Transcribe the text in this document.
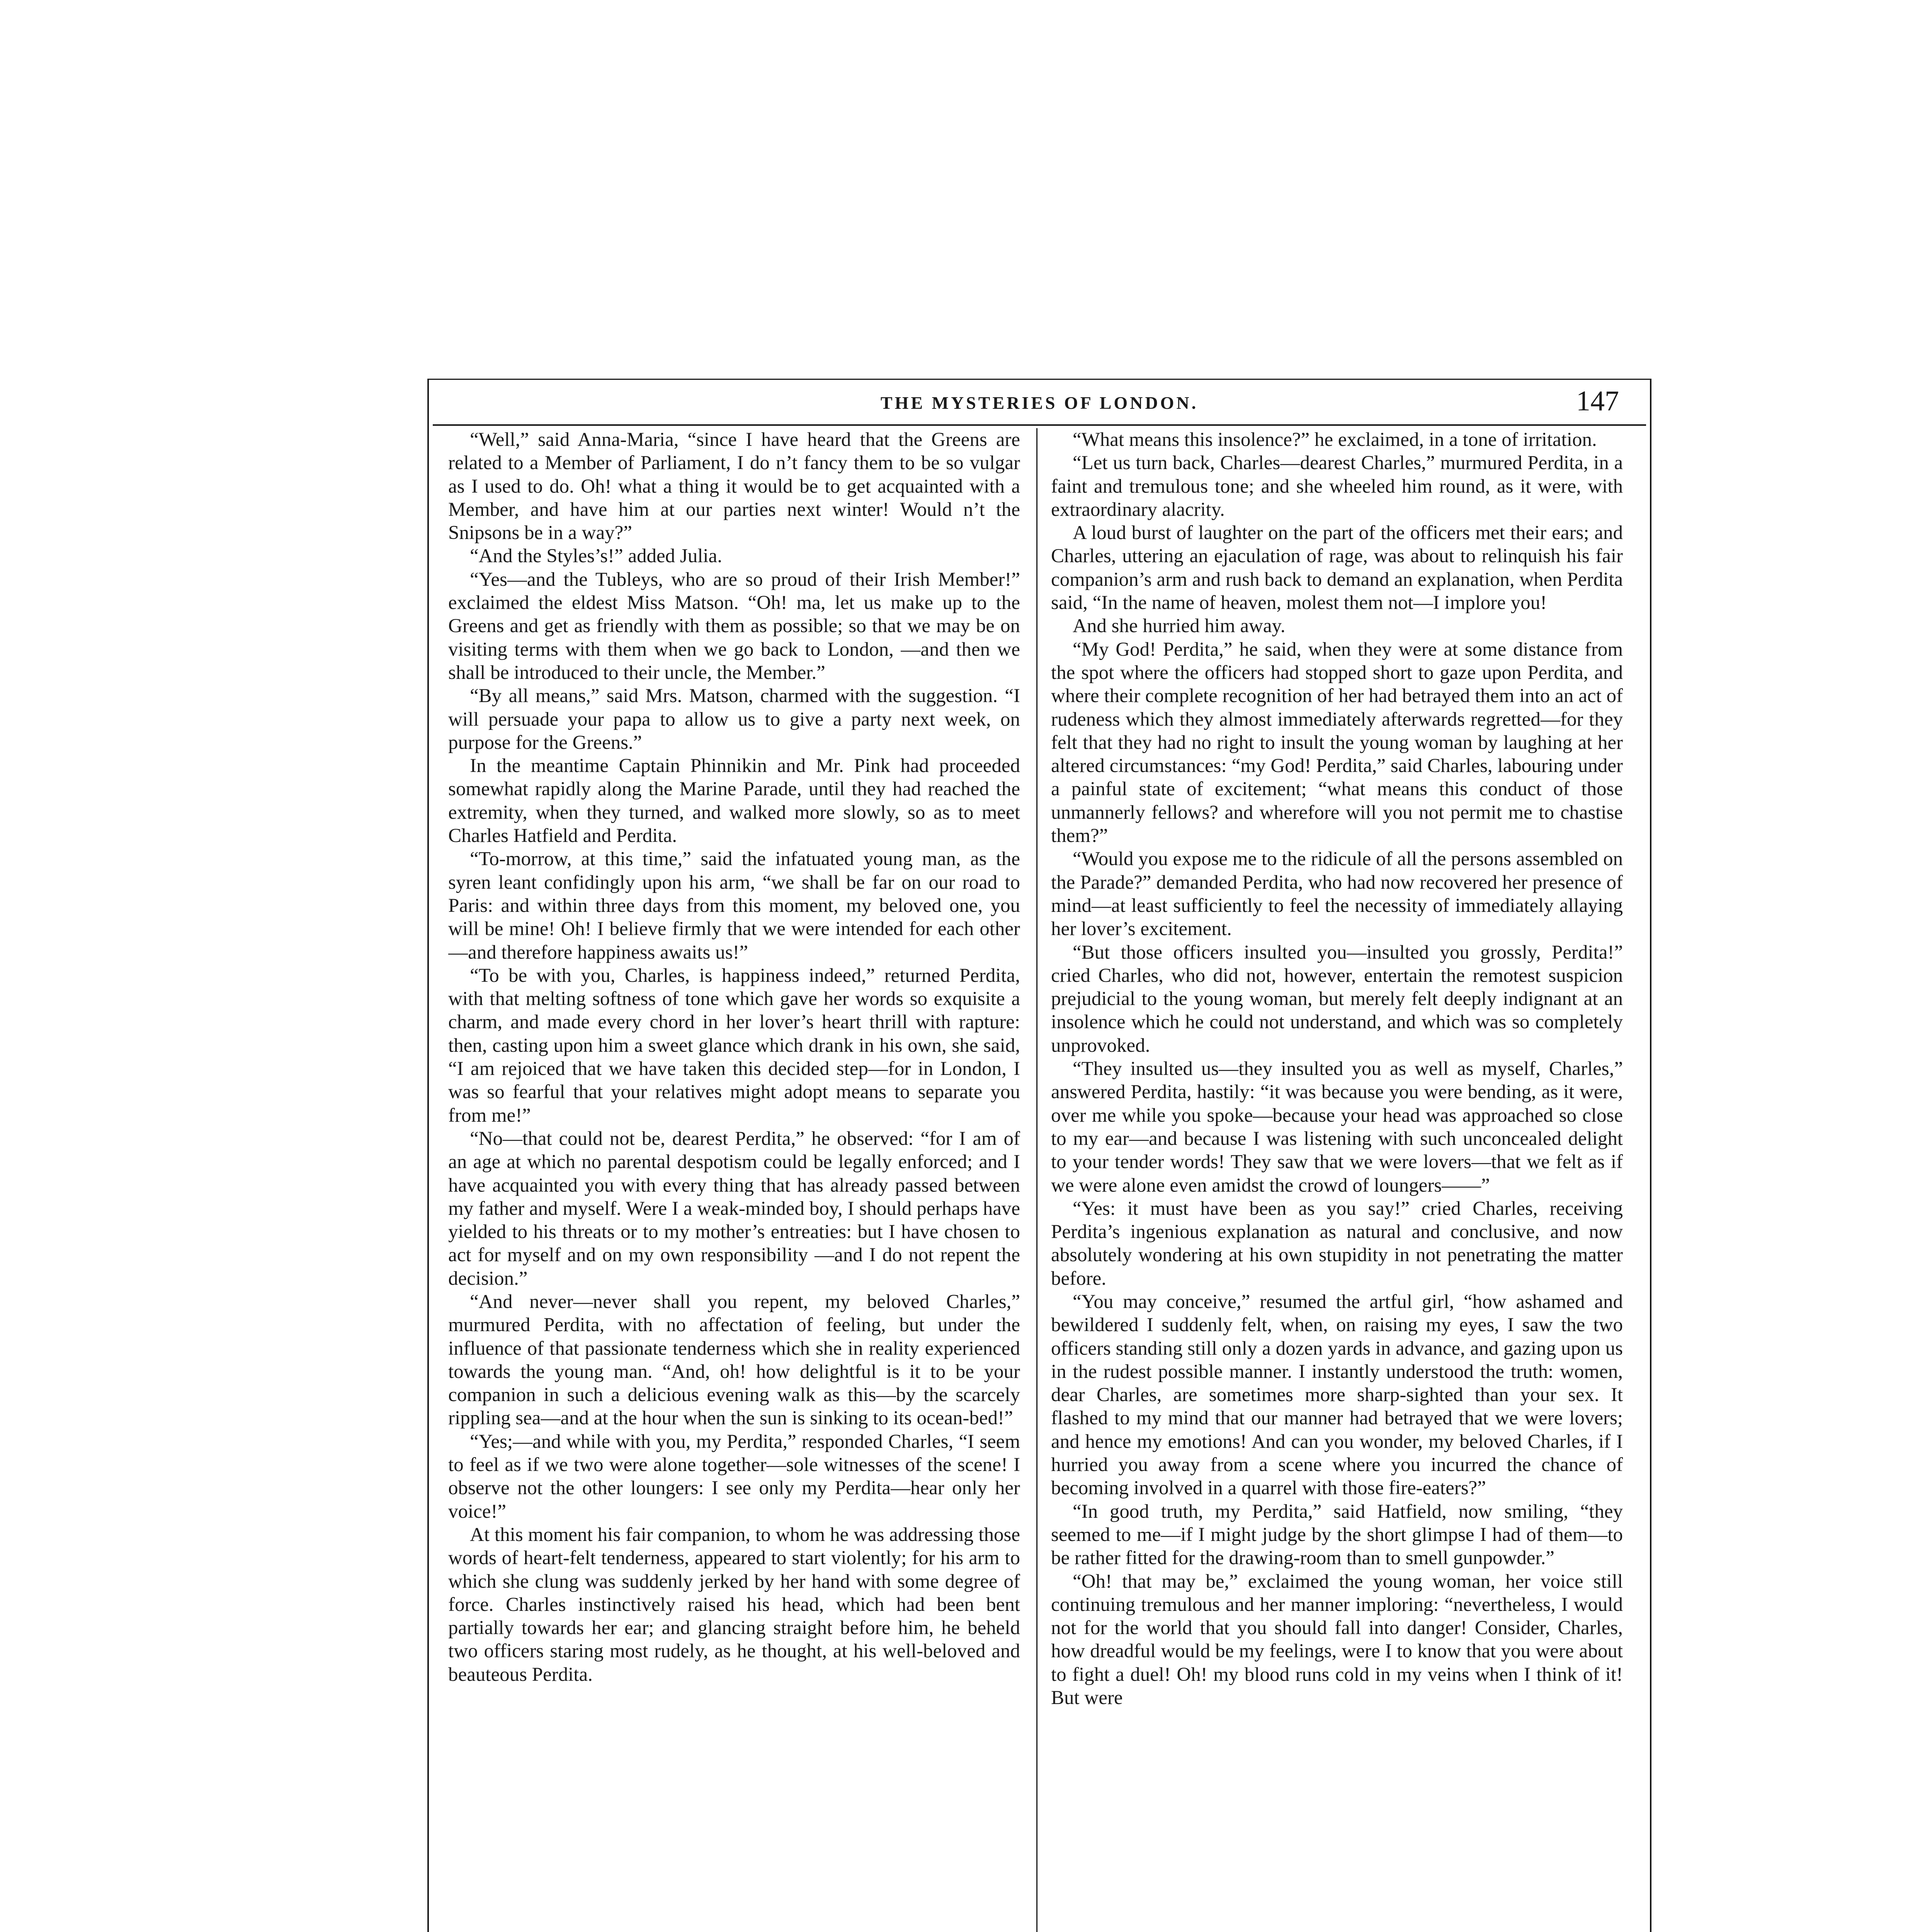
THE MYSTERIES OF LONDON.	147

“Well,” said Anna-Maria, “since I have heard that the Greens are related to a Member of Parliament, I do n’t fancy them to be so vulgar as I used to do. Oh! what a thing it would be to get acquainted with a Member, and have him at our parties next winter! Would n’t the Snipsons be in a way?”

“And the Styles’s!” added Julia.

“Yes—and the Tubleys, who are so proud of their Irish Member!” exclaimed the eldest Miss Matson. “Oh! ma, let us make up to the Greens and get as friendly with them as possible; so that we may be on visiting terms with them when we go back to London, —and then we shall be introduced to their uncle, the Member.”

“By all means,” said Mrs. Matson, charmed with the suggestion. “I will persuade your papa to allow us to give a party next week, on purpose for the Greens.”

In the meantime Captain Phinnikin and Mr. Pink had proceeded somewhat rapidly along the Marine Parade, until they had reached the extremity, when they turned, and walked more slowly, so as to meet Charles Hatfield and Perdita.

“To-morrow, at this time,” said the infatuated young man, as the syren leant confidingly upon his arm, “we shall be far on our road to Paris: and within three days from this moment, my beloved one, you will be mine! Oh! I believe firmly that we were intended for each other—and therefore happiness awaits us!”

“To be with you, Charles, is happiness indeed,” returned Perdita, with that melting softness of tone which gave her words so exquisite a charm, and made every chord in her lover’s heart thrill with rapture: then, casting upon him a sweet glance which drank in his own, she said, “I am rejoiced that we have taken this decided step—for in London, I was so fearful that your relatives might adopt means to separate you from me!”

“No—that could not be, dearest Perdita,” he observed: “for I am of an age at which no parental despotism could be legally enforced; and I have acquainted you with every thing that has already passed between my father and myself. Were I a weak-minded boy, I should perhaps have yielded to his threats or to my mother’s entreaties: but I have chosen to act for myself and on my own responsibility —and I do not repent the decision.”

“And never—never shall you repent, my beloved Charles,” murmured Perdita, with no affectation of feeling, but under the influence of that passionate tenderness which she in reality experienced towards the young man. “And, oh! how delightful is it to be your companion in such a delicious evening walk as this—by the scarcely rippling sea—and at the hour when the sun is sinking to its ocean-bed!”

“Yes;—and while with you, my Perdita,” responded Charles, “I seem to feel as if we two were alone together—sole witnesses of the scene! I observe not the other loungers: I see only my Perdita—hear only her voice!”

At this moment his fair companion, to whom he was addressing those words of heart-felt tenderness, appeared to start violently; for his arm to which she clung was suddenly jerked by her hand with some degree of force. Charles instinctively raised his head, which had been bent partially towards her ear; and glancing straight before him, he beheld two officers staring most rudely, as he thought, at his well-beloved and beauteous Perdita.

“What means this insolence?” he exclaimed, in a tone of irritation.

“Let us turn back, Charles—dearest Charles,” murmured Perdita, in a faint and tremulous tone; and she wheeled him round, as it were, with extraordinary alacrity.

A loud burst of laughter on the part of the officers met their ears; and Charles, uttering an ejaculation of rage, was about to relinquish his fair companion’s arm and rush back to demand an explanation, when Perdita said, “In the name of heaven, molest them not—I implore you!

And she hurried him away.

“My God! Perdita,” he said, when they were at some distance from the spot where the officers had stopped short to gaze upon Perdita, and where their complete recognition of her had betrayed them into an act of rudeness which they almost immediately afterwards regretted—for they felt that they had no right to insult the young woman by laughing at her altered circumstances: “my God! Perdita,” said Charles, labouring under a painful state of excitement; “what means this conduct of those unmannerly fellows? and wherefore will you not permit me to chastise them?”

“Would you expose me to the ridicule of all the persons assembled on the Parade?” demanded Perdita, who had now recovered her presence of mind—at least sufficiently to feel the necessity of immediately allaying her lover’s excitement.

“But those officers insulted you—insulted you grossly, Perdita!” cried Charles, who did not, however, entertain the remotest suspicion prejudicial to the young woman, but merely felt deeply indignant at an insolence which he could not understand, and which was so completely unprovoked.

“They insulted us—they insulted you as well as myself, Charles,” answered Perdita, hastily: “it was because you were bending, as it were, over me while you spoke—because your head was approached so close to my ear—and because I was listening with such unconcealed delight to your tender words! They saw that we were lovers—that we felt as if we were alone even amidst the crowd of loungers——”

“Yes: it must have been as you say!” cried Charles, receiving Perdita’s ingenious explanation as natural and conclusive, and now absolutely wondering at his own stupidity in not penetrating the matter before.

“You may conceive,” resumed the artful girl, “how ashamed and bewildered I suddenly felt, when, on raising my eyes, I saw the two officers standing still only a dozen yards in advance, and gazing upon us in the rudest possible manner. I instantly understood the truth: women, dear Charles, are sometimes more sharp-sighted than your sex. It flashed to my mind that our manner had betrayed that we were lovers; and hence my emotions! And can you wonder, my beloved Charles, if I hurried you away from a scene where you incurred the chance of becoming involved in a quarrel with those fire-eaters?”

“In good truth, my Perdita,” said Hatfield, now smiling, “they seemed to me—if I might judge by the short glimpse I had of them—to be rather fitted for the drawing-room than to smell gunpowder.”

“Oh! that may be,” exclaimed the young woman, her voice still continuing tremulous and her manner imploring: “nevertheless, I would not for the world that you should fall into danger! Consider, Charles, how dreadful would be my feelings, were I to know that you were about to fight a duel! Oh! my blood runs cold in my veins when I think of it! But were
